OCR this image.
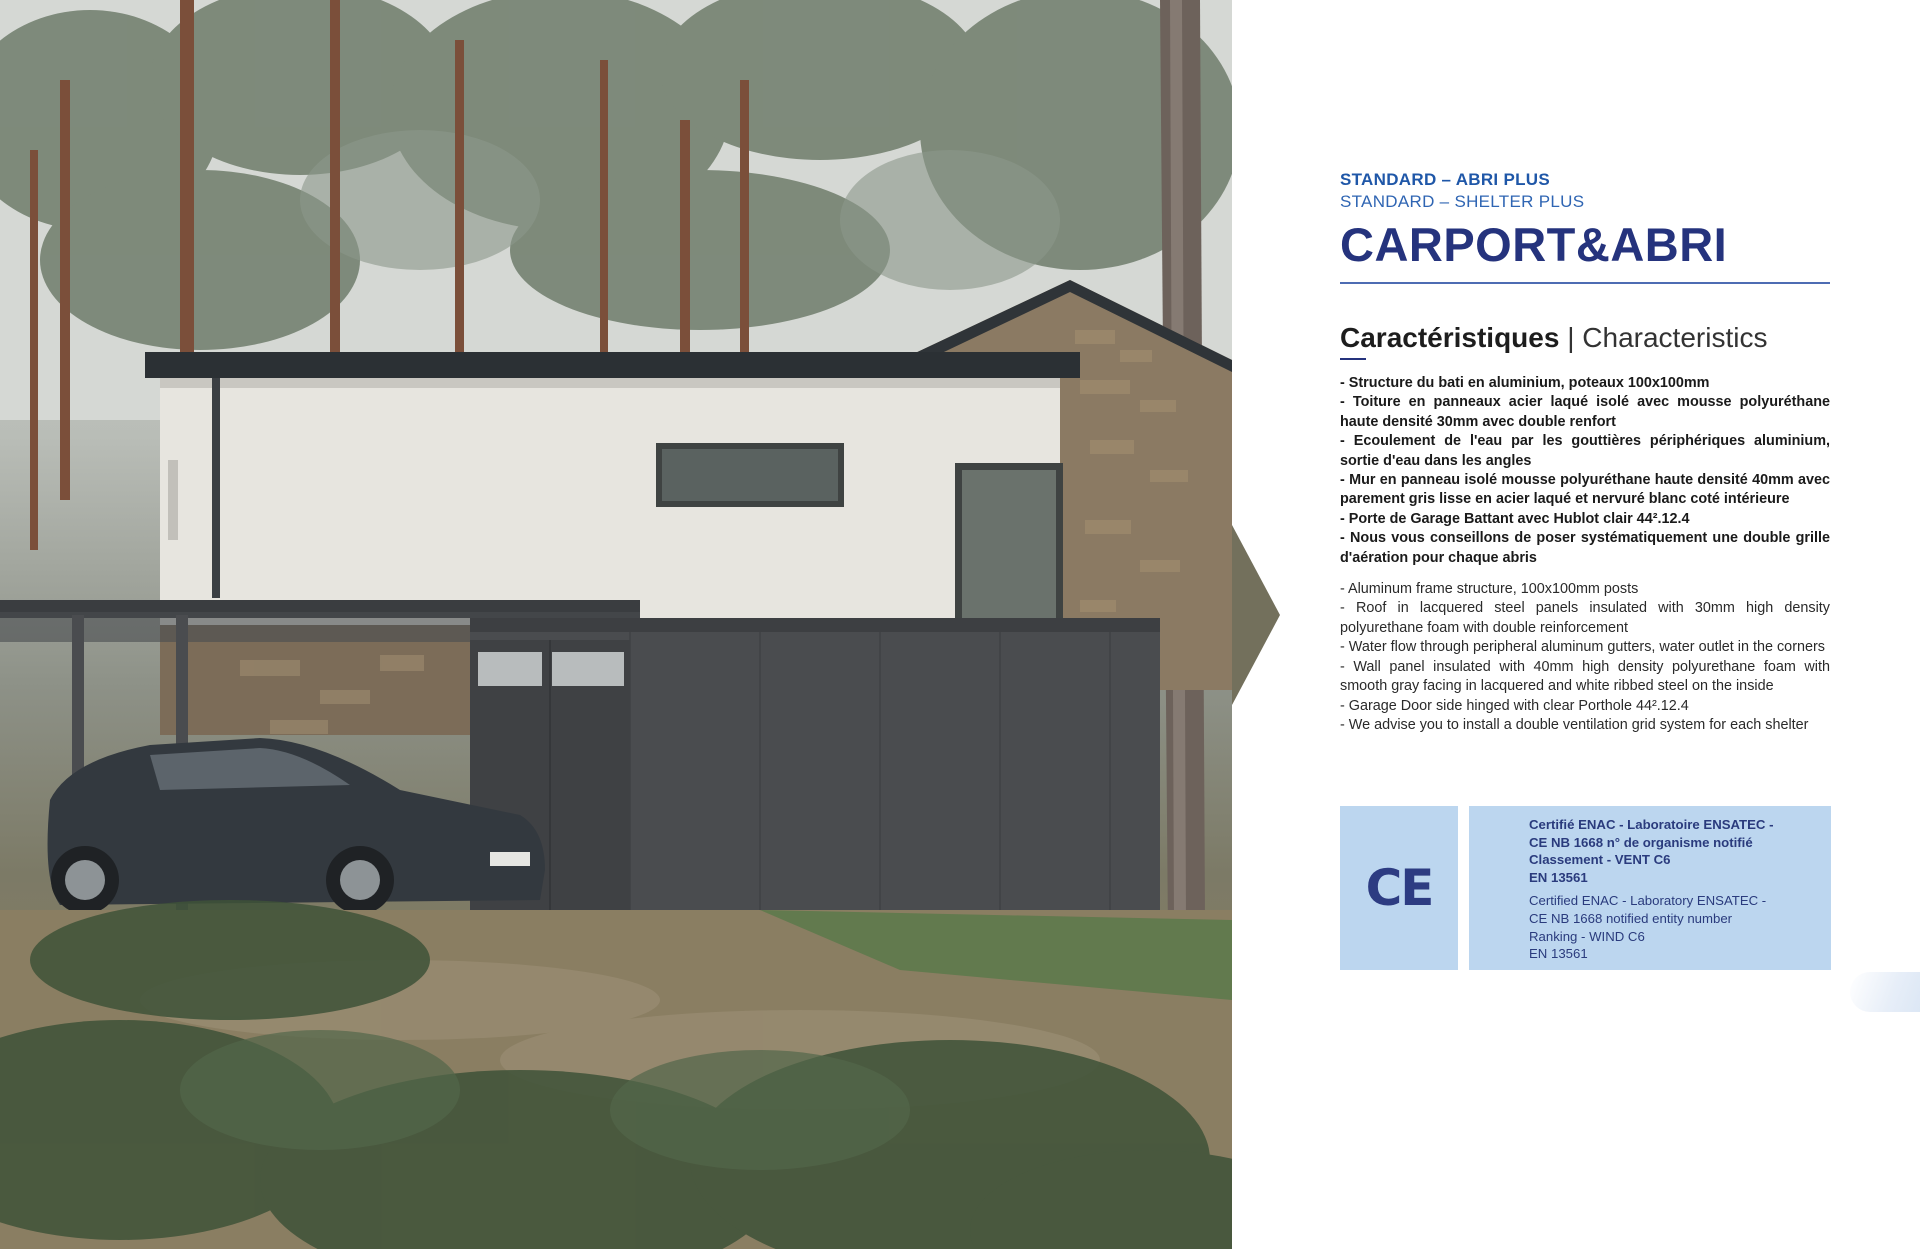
STANDARD – ABRI PLUS

STANDARD – SHELTER PLUS

CARPORT&ABRI
Caractéristiques | Characteristics
- Structure du bati en aluminium, poteaux 100x100mm
- Toiture en panneaux acier laqué isolé avec mousse polyuréthane haute densité 30mm avec double renfort
- Ecoulement de l'eau par les gouttières périphériques aluminium, sortie d'eau dans les angles
- Mur en panneau isolé mousse polyuréthane haute densité 40mm avec parement gris lisse en acier laqué et nervuré blanc coté intérieure
- Porte de Garage Battant avec Hublot clair 44².12.4
- Nous vous conseillons de poser systématiquement une double grille d'aération pour chaque abris
- Aluminum frame structure, 100x100mm posts
- Roof in lacquered steel panels insulated with 30mm high density polyurethane foam with double reinforcement
- Water flow through peripheral aluminum gutters, water outlet in the corners
- Wall panel insulated with 40mm high density polyurethane foam with smooth gray facing in lacquered and white ribbed steel on the inside
- Garage Door side hinged with clear Porthole 44².12.4
- We advise you to install a double ventilation grid system for each shelter
CE
Certifié ENAC - Laboratoire ENSATEC -
CE NB 1668 n° de organisme notifié
Classement - VENT C6
EN 13561
Certified ENAC - Laboratory ENSATEC -
CE NB 1668 notified entity number
Ranking - WIND C6
EN 13561
